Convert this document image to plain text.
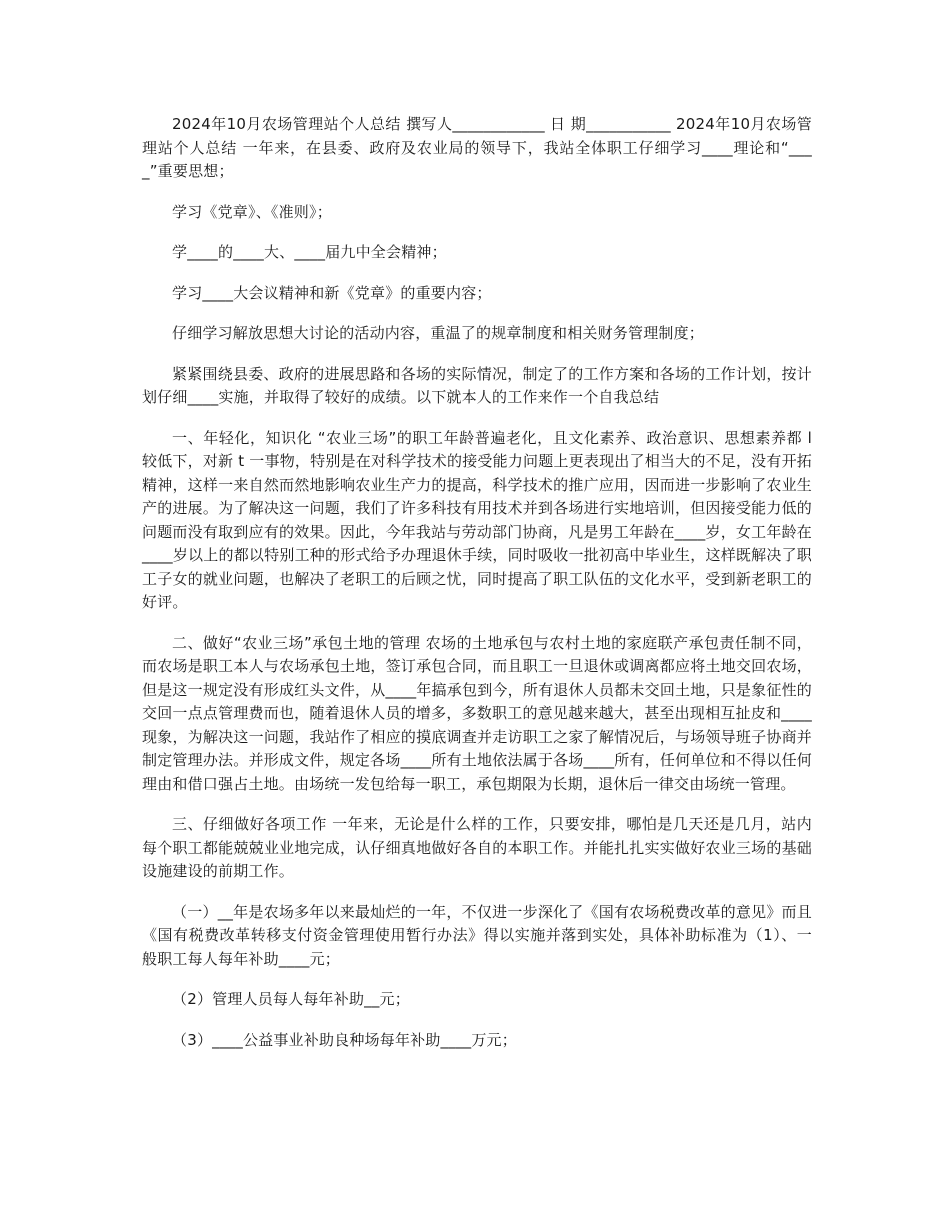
2024年10月农场管理站个人总结 撰写人____________ 日 期___________ 2024年10月农场管理站个人总结 一年来，在县委、政府及农业局的领导下，我站全体职工仔细学习____理论和“____”重要思想；

学习《党章》、《准则》；

学____的____大、____届九中全会精神；

学习____大会议精神和新《党章》的重要内容；

仔细学习解放思想大讨论的活动内容，重温了的规章制度和相关财务管理制度；

紧紧围绕县委、政府的进展思路和各场的实际情况，制定了的工作方案和各场的工作计划，按计划仔细____实施，并取得了较好的成绩。以下就本人的工作来作一个自我总结

一、年轻化，知识化 “农业三场”的职工年龄普遍老化，且文化素养、政治意识、思想素养都 l 较低下，对新 t 一事物，特别是在对科学技术的接受能力问题上更表现出了相当大的不足，没有开拓精神，这样一来自然而然地影响农业生产力的提高，科学技术的推广应用，因而进一步影响了农业生产的进展。为了解决这一问题，我们了许多科技有用技术并到各场进行实地培训，但因接受能力低的问题而没有取到应有的效果。因此，今年我站与劳动部门协商，凡是男工年龄在____岁，女工年龄在____岁以上的都以特别工种的形式给予办理退休手续，同时吸收一批初高中毕业生，这样既解决了职工子女的就业问题，也解决了老职工的后顾之忧，同时提高了职工队伍的文化水平，受到新老职工的好评。

二、做好“农业三场”承包土地的管理 农场的土地承包与农村土地的家庭联产承包责任制不同，而农场是职工本人与农场承包土地，签订承包合同，而且职工一旦退休或调离都应将土地交回农场，但是这一规定没有形成红头文件，从____年搞承包到今，所有退休人员都未交回土地，只是象征性的交回一点点管理费而也，随着退休人员的增多，多数职工的意见越来越大，甚至出现相互扯皮和____现象，为解决这一问题，我站作了相应的摸底调查并走访职工之家了解情况后，与场领导班子协商并制定管理办法。并形成文件，规定各场____所有土地依法属于各场____所有，任何单位和不得以任何理由和借口强占土地。由场统一发包给每一职工，承包期限为长期，退休后一律交由场统一管理。

三、仔细做好各项工作 一年来，无论是什么样的工作，只要安排，哪怕是几天还是几月，站内每个职工都能兢兢业业地完成，认仔细真地做好各自的本职工作。并能扎扎实实做好农业三场的基础设施建设的前期工作。

（一）__年是农场多年以来最灿烂的一年，不仅进一步深化了《国有农场税费改革的意见》而且《国有税费改革转移支付资金管理使用暂行办法》得以实施并落到实处，具体补助标准为（1）、一般职工每人每年补助____元；

（2）管理人员每人每年补助__元；

（3）____公益事业补助良种场每年补助____万元；
